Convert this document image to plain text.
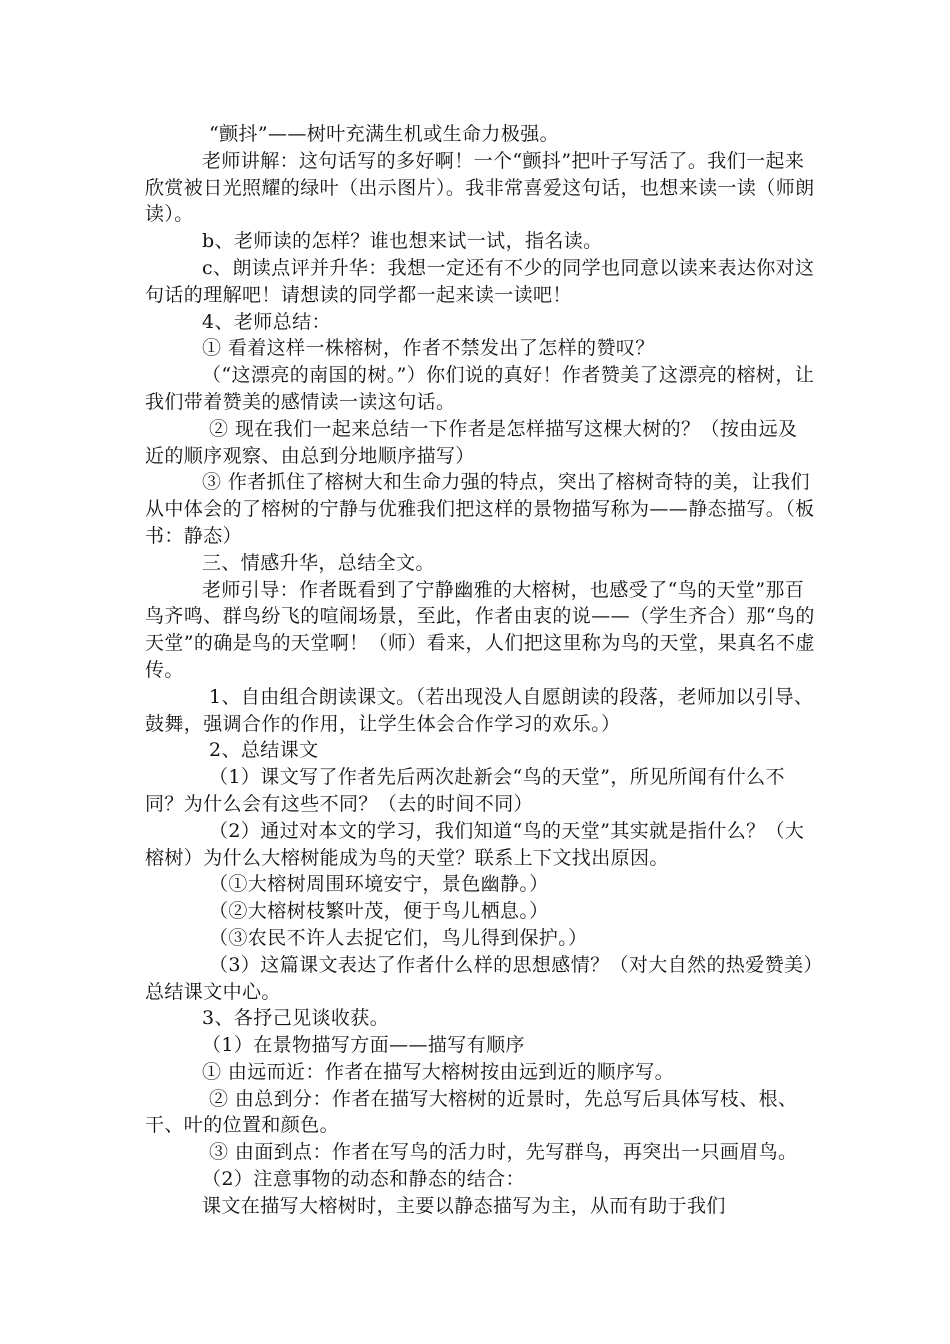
“颤抖”——树叶充满生机或生命力极强。

老师讲解：这句话写的多好啊！一个“颤抖”把叶子写活了。我们一起来欣赏被日光照耀的绿叶（出示图片）。我非常喜爱这句话，也想来读一读（师朗读）。

b、老师读的怎样？谁也想来试一试，指名读。

c、朗读点评并升华：我想一定还有不少的同学也同意以读来表达你对这句话的理解吧！请想读的同学都一起来读一读吧！

4、老师总结：

① 看着这样一株榕树，作者不禁发出了怎样的赞叹？

（“这漂亮的南国的树。”）你们说的真好！作者赞美了这漂亮的榕树，让我们带着赞美的感情读一读这句话。

② 现在我们一起来总结一下作者是怎样描写这棵大树的？（按由远及近的顺序观察、由总到分地顺序描写）

③ 作者抓住了榕树大和生命力强的特点，突出了榕树奇特的美，让我们从中体会的了榕树的宁静与优雅我们把这样的景物描写称为——静态描写。（板书：静态）

三、情感升华，总结全文。

老师引导：作者既看到了宁静幽雅的大榕树，也感受了“鸟的天堂”那百鸟齐鸣、群鸟纷飞的喧闹场景，至此，作者由衷的说——（学生齐合）那“鸟的天堂”的确是鸟的天堂啊！（师）看来，人们把这里称为鸟的天堂，果真名不虚传。

1、自由组合朗读课文。（若出现没人自愿朗读的段落，老师加以引导、鼓舞，强调合作的作用，让学生体会合作学习的欢乐。）

2、总结课文

（1）课文写了作者先后两次赴新会“鸟的天堂”，所见所闻有什么不同？为什么会有这些不同？（去的时间不同）

（2）通过对本文的学习，我们知道“鸟的天堂”其实就是指什么？（大榕树）为什么大榕树能成为鸟的天堂？联系上下文找出原因。

（①大榕树周围环境安宁，景色幽静。）

（②大榕树枝繁叶茂，便于鸟儿栖息。）

（③农民不许人去捉它们，鸟儿得到保护。）

（3）这篇课文表达了作者什么样的思想感情？（对大自然的热爱赞美）总结课文中心。

3、各抒己见谈收获。

（1）在景物描写方面——描写有顺序

① 由远而近：作者在描写大榕树按由远到近的顺序写。

② 由总到分：作者在描写大榕树的近景时，先总写后具体写枝、根、干、叶的位置和颜色。

③ 由面到点：作者在写鸟的活力时，先写群鸟，再突出一只画眉鸟。

（2）注意事物的动态和静态的结合：

课文在描写大榕树时，主要以静态描写为主，从而有助于我们
